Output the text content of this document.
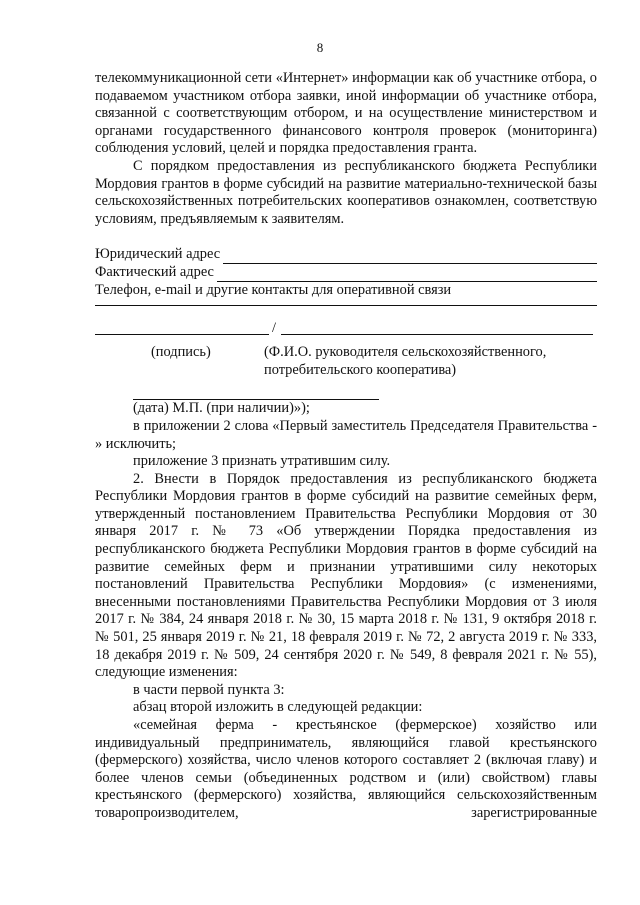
8

телекоммуникационной сети «Интернет» информации как об участнике отбора, о подаваемом участником отбора заявки, иной информации об участнике отбора, связанной с соответствующим отбором, и на осуществление министерством и органами государственного финансового контроля проверок (мониторинга) соблюдения условий, целей и порядка предоставления гранта.

С порядком предоставления из республиканского бюджета Республики Мордовия грантов в форме субсидий на развитие материально-технической базы сельскохозяйственных потребительских кооперативов ознакомлен, соответствую условиям, предъявляемым к заявителям.

Юридический адрес
Фактический адрес

Телефон, e-mail и другие контакты для оперативной связи

/
(подпись)	(Ф.И.О. руководителя сельскохозяйственного, потребительского кооператива)

(дата) М.П. (при наличии)»);

в приложении 2 слова «Первый заместитель Председателя Правительства - » исключить;

приложение 3 признать утратившим силу.

2. Внести в Порядок предоставления из республиканского бюджета Республики Мордовия грантов в форме субсидий на развитие семейных ферм, утвержденный постановлением Правительства Республики Мордовия от 30 января 2017 г. № 73 «Об утверждении Порядка предоставления из республиканского бюджета Республики Мордовия грантов в форме субсидий на развитие семейных ферм и признании утратившими силу некоторых постановлений Правительства Республики Мордовия» (с изменениями, внесенными постановлениями Правительства Республики Мордовия от 3 июля 2017 г. № 384, 24 января 2018 г. № 30, 15 марта 2018 г. № 131, 9 октября 2018 г. № 501, 25 января 2019 г. № 21, 18 февраля 2019 г. № 72, 2 августа 2019 г. № 333, 18 декабря 2019 г. № 509, 24 сентября 2020 г. № 549, 8 февраля 2021 г. № 55), следующие изменения:

в части первой пункта 3:

абзац второй изложить в следующей редакции:

«семейная ферма - крестьянское (фермерское) хозяйство или индивидуальный предприниматель, являющийся главой крестьянского (фермерского) хозяйства, число членов которого составляет 2 (включая главу) и более членов семьи (объединенных родством и (или) свойством) главы крестьянского (фермерского) хозяйства, являющийся сельскохозяйственным товаропроизводителем, зарегистрированные
